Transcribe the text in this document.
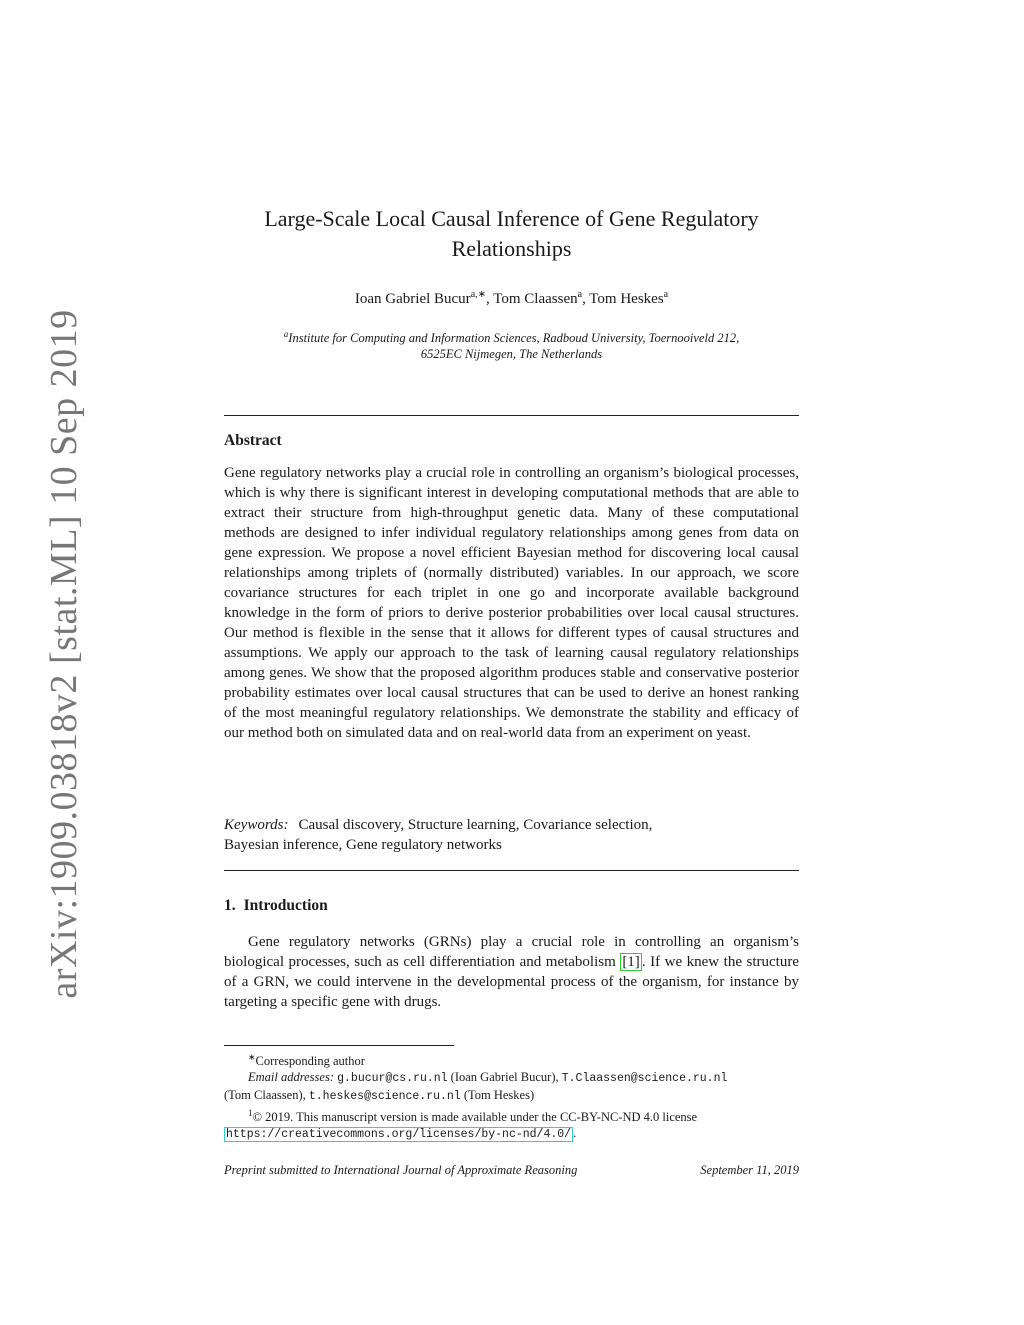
arXiv:1909.03818v2 [stat.ML] 10 Sep 2019
Large-Scale Local Causal Inference of Gene Regulatory
Relationships
Ioan Gabriel Bucur$^{a,∗}$, Tom Claassen$^a$, Tom Heskes$^a$
$^a$Institute for Computing and Information Sciences, Radboud University, Toernooiveld 212,
6525EC Nijmegen, The Netherlands
Abstract

Gene regulatory networks play a crucial role in controlling an organism’s biological processes, which is why there is significant interest in developing computational methods that are able to extract their structure from high-throughput genetic data. Many of these computational methods are designed to infer individual regulatory relationships among genes from data on gene expression. We propose a novel efficient Bayesian method for discovering local causal relationships among triplets of (normally distributed) variables. In our approach, we score covariance structures for each triplet in one go and incorporate available background knowledge in the form of priors to derive posterior probabilities over local causal structures. Our method is flexible in the sense that it allows for different types of causal structures and assumptions. We apply our approach to the task of learning causal regulatory relationships among genes. We show that the proposed algorithm produces stable and conservative posterior probability estimates over local causal structures that can be used to derive an honest ranking of the most meaningful regulatory relationships. We demonstrate the stability and efficacy of our method both on simulated data and on real-world data from an experiment on yeast.

Keywords: Causal discovery, Structure learning, Covariance selection,
Bayesian inference, Gene regulatory networks

1. Introduction

Gene regulatory networks (GRNs) play a crucial role in controlling an organism’s biological processes, such as cell differentiation and metabolism [1] . If we knew the structure of a GRN, we could intervene in the developmental process of the organism, for instance by targeting a specific gene with drugs.

∗Corresponding author

Email addresses: g.bucur@cs.ru.nl (Ioan Gabriel Bucur), T.Claassen@science.ru.nl

(Tom Claassen), t.heskes@science.ru.nl (Tom Heskes)

$^1$© 2019. This manuscript version is made available under the CC-BY-NC-ND 4.0 license

https://creativecommons.org/licenses/by-nc-nd/4.0/ .

Preprint submitted to International Journal of Approximate Reasoning	September 11, 2019
